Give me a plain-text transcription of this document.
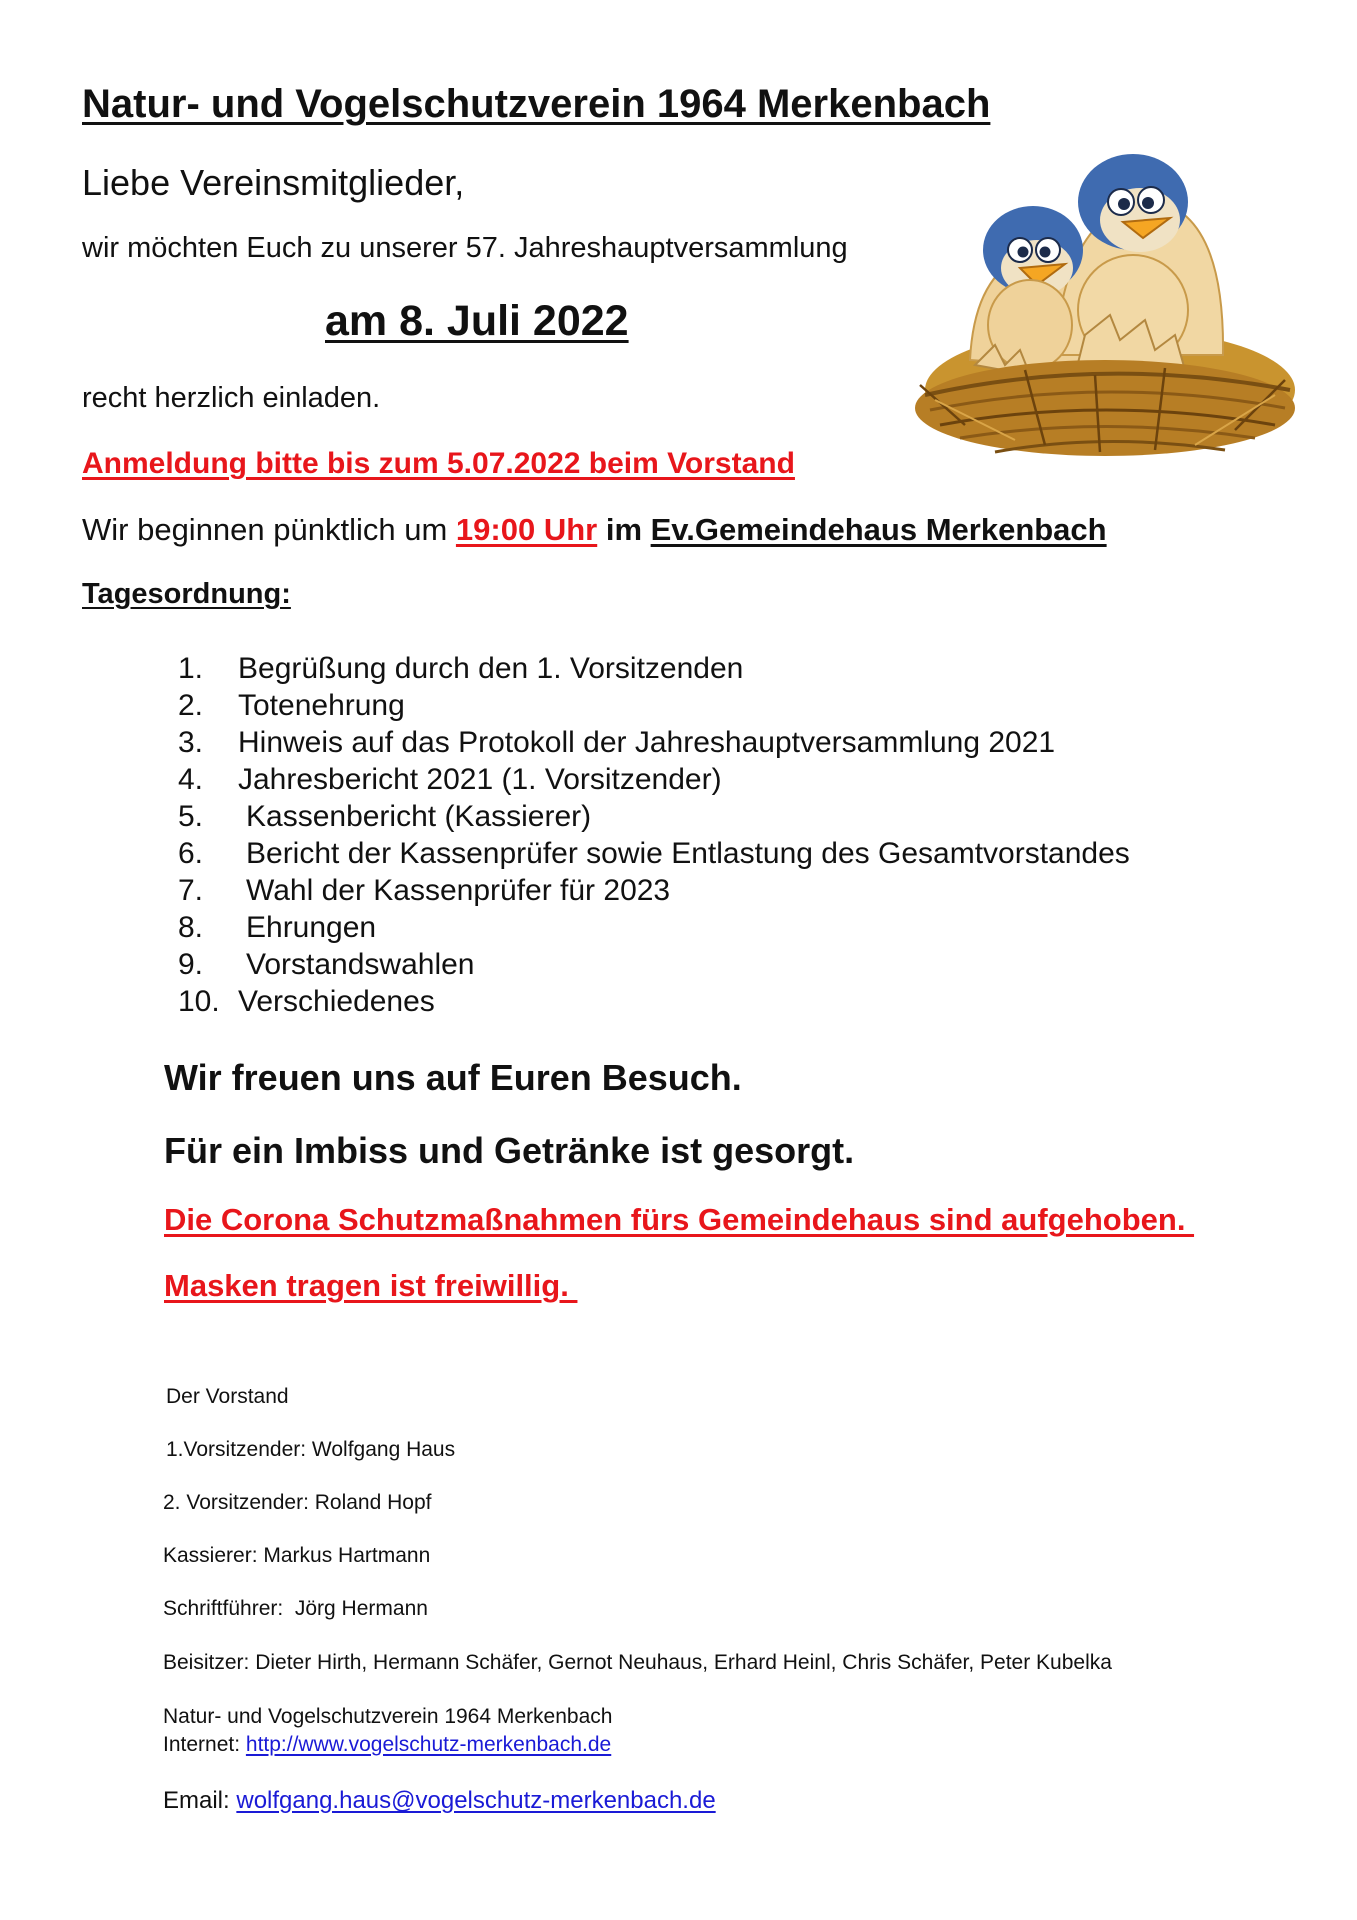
Natur- und Vogelschutzverein 1964 Merkenbach
Liebe Vereinsmitglieder,
wir möchten Euch zu unserer 57. Jahreshauptversammlung
am 8. Juli 2022
recht herzlich einladen.
Anmeldung bitte bis zum 5.07.2022 beim Vorstand
Wir beginnen pünktlich um 19:00 Uhr im Ev.Gemeindehaus Merkenbach
Tagesordnung:
1.	Begrüßung durch den 1. Vorsitzenden
2.	Totenehrung
3.	Hinweis auf das Protokoll der Jahreshauptversammlung 2021
4.	Jahresbericht 2021 (1. Vorsitzender)
5.	Kassenbericht (Kassierer)
6.	Bericht der Kassenprüfer sowie Entlastung des Gesamtvorstandes
7.	Wahl der Kassenprüfer für 2023
8.	Ehrungen
9.	Vorstandswahlen
10. Verschiedenes
Wir freuen uns auf Euren Besuch.
Für ein Imbiss und Getränke ist gesorgt.
Die Corona Schutzmaßnahmen fürs Gemeindehaus sind aufgehoben.
Masken tragen ist freiwillig.
Der Vorstand
1.Vorsitzender: Wolfgang Haus
2. Vorsitzender: Roland Hopf
Kassierer: Markus Hartmann
Schriftführer:  Jörg Hermann
Beisitzer: Dieter Hirth, Hermann Schäfer, Gernot Neuhaus, Erhard Heinl, Chris Schäfer, Peter Kubelka
Natur- und Vogelschutzverein 1964 Merkenbach
Internet: http://www.vogelschutz-merkenbach.de
Email: wolfgang.haus@vogelschutz-merkenbach.de
